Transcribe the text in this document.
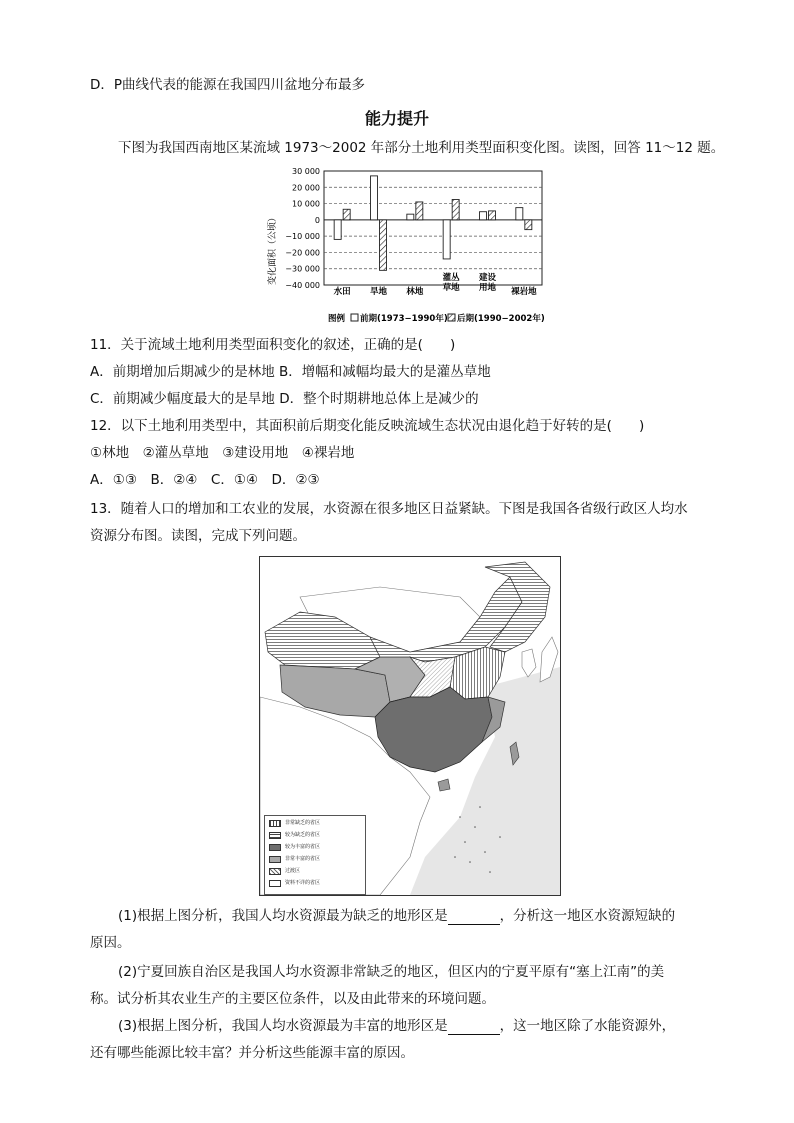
D．P曲线代表的能源在我国四川盆地分布最多
能力提升
下图为我国西南地区某流域 1973～2002 年部分土地利用类型面积变化图。读图，回答 11～12 题。
30 000
20 000
10 000
0
−10 000
−20 000
−30 000
−40 000
水田 旱地 林地
灌丛
草地
建设
用地 裸岩地
变化面积（公顷）
图例 前期(1973−1990年) 后期(1990−2002年)
11．关于流域土地利用类型面积变化的叙述，正确的是(　　)
A．前期增加后期减少的是林地 B．增幅和减幅均最大的是灌丛草地
C．前期减少幅度最大的是旱地 D．整个时期耕地总体上是减少的
12．以下土地利用类型中，其面积前后期变化能反映流域生态状况由退化趋于好转的是(　　)
①林地　②灌丛草地　③建设用地　④裸岩地
A．①③　B．②④　C．①④　D．②③
13．随着人口的增加和工农业的发展，水资源在很多地区日益紧缺。下图是我国各省级行政区人均水
资源分布图。读图，完成下列问题。
非常缺乏的省区
较为缺乏的省区
较为丰富的省区
非常丰富的省区
过渡区
资料不详的省区
(1)根据上图分析，我国人均水资源最为缺乏的地形区是	，分析这一地区水资源短缺的
原因。
(2)宁夏回族自治区是我国人均水资源非常缺乏的地区，但区内的宁夏平原有“塞上江南”的美
称。试分析其农业生产的主要区位条件，以及由此带来的环境问题。
(3)根据上图分析，我国人均水资源最为丰富的地形区是	，这一地区除了水能资源外，
还有哪些能源比较丰富？并分析这些能源丰富的原因。
